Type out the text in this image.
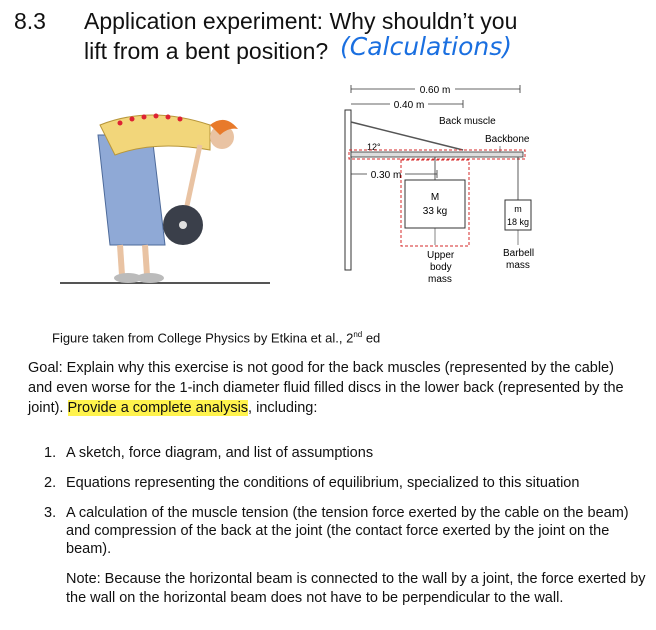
8.3 Application experiment: Why shouldn’t you
lift from a bent position? (Calculations)
0.60 m
0.40 m
Back muscle
Backbone
12°
0.30 m
M
33 kg
Upper
body
mass
m
18 kg
Barbell
mass
Figure taken from College Physics by Etkina et al., 2nd ed
Goal: Explain why this exercise is not good for the back muscles (represented by the cable) and even worse for the 1-inch diameter fluid filled discs in the lower back (represented by the joint). Provide a complete analysis, including:
1. A sketch, force diagram, and list of assumptions
2. Equations representing the conditions of equilibrium, specialized to this situation
3. A calculation of the muscle tension (the tension force exerted by the cable on the beam) and compression of the back at the joint (the contact force exerted by the joint on the beam).
Note: Because the horizontal beam is connected to the wall by a joint, the force exerted by the wall on the horizontal beam does not have to be perpendicular to the wall.
